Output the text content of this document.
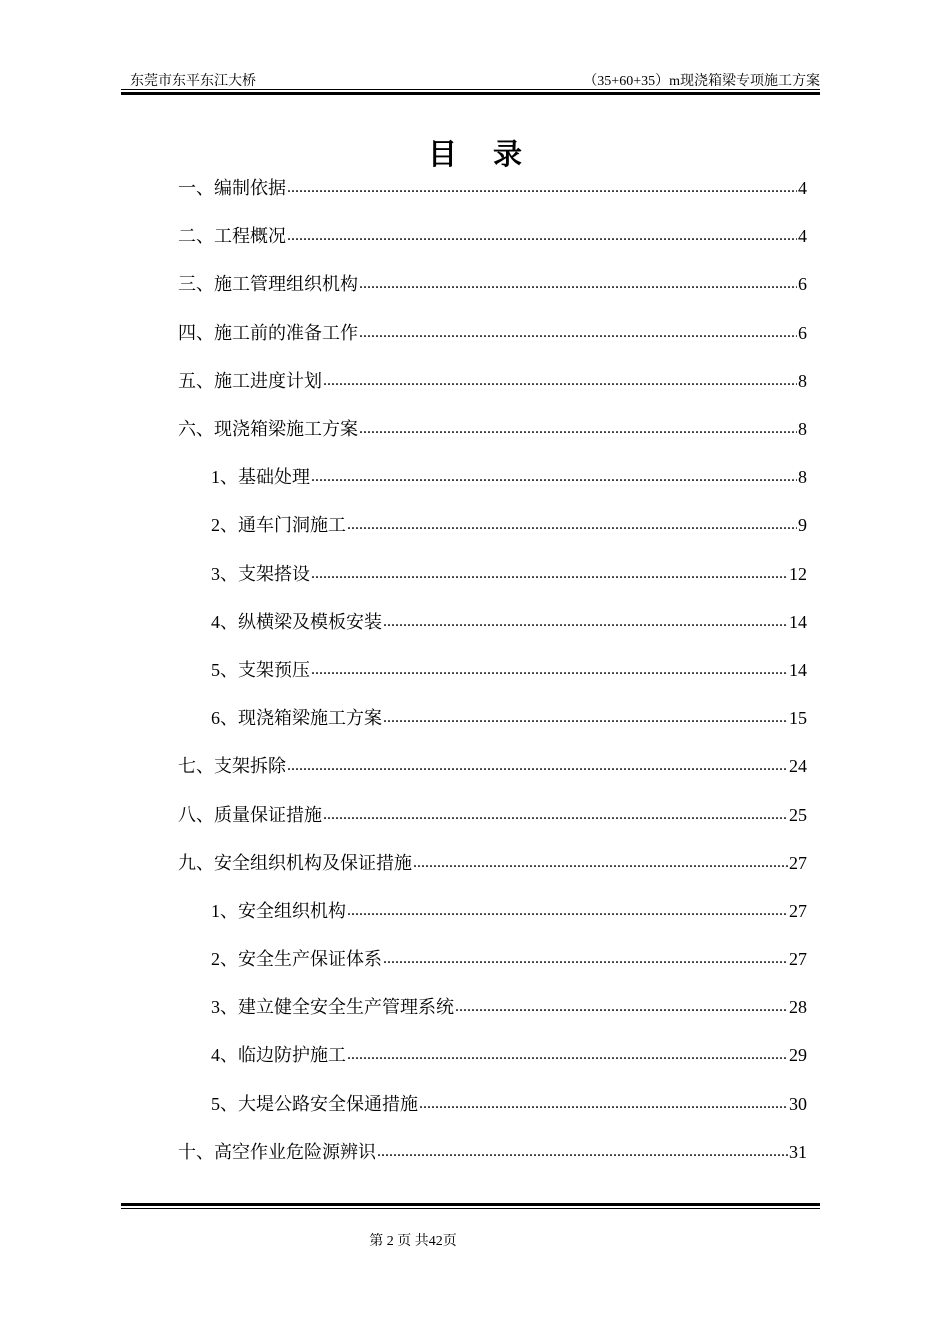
东莞市东平东江大桥	（35+60+35）m现浇箱梁专项施工方案
目录
一、编制依据 .....	4
二、工程概况 .....	4
三、施工管理组织机构 .....	6
四、施工前的准备工作 .....	6
五、施工进度计划 .....	8
六、现浇箱梁施工方案 .....	8
1、基础处理 .....	8
2、通车门洞施工 .....	9
3、支架搭设 .....	12
4、纵横梁及模板安装 .....	14
5、支架预压 .....	14
6、现浇箱梁施工方案 .....	15
七、支架拆除 .....	24
八、质量保证措施 .....	25
九、安全组织机构及保证措施 .....	27
1、安全组织机构 .....	27
2、安全生产保证体系 .....	27
3、建立健全安全生产管理系统 .....	28
4、临边防护施工 .....	29
5、大堤公路安全保通措施 .....	30
十、高空作业危险源辨识 .....	31
第 2 页 共42页
